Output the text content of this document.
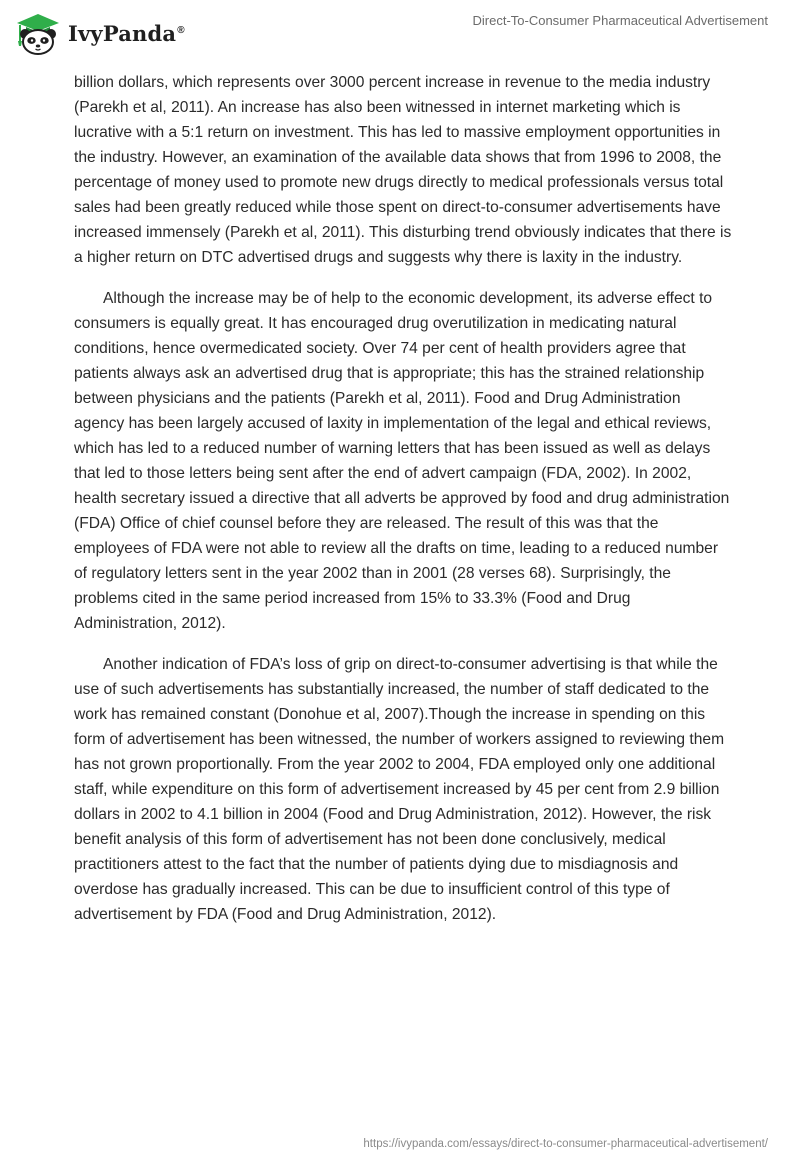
IvyPanda®
Direct-To-Consumer Pharmaceutical Advertisement

billion dollars, which represents over 3000 percent increase in revenue to the media industry (Parekh et al, 2011). An increase has also been witnessed in internet marketing which is lucrative with a 5:1 return on investment. This has led to massive employment opportunities in the industry. However, an examination of the available data shows that from 1996 to 2008, the percentage of money used to promote new drugs directly to medical professionals versus total sales had been greatly reduced while those spent on direct-to-consumer advertisements have increased immensely (Parekh et al, 2011). This disturbing trend obviously indicates that there is a higher return on DTC advertised drugs and suggests why there is laxity in the industry.

Although the increase may be of help to the economic development, its adverse effect to consumers is equally great. It has encouraged drug overutilization in medicating natural conditions, hence overmedicated society. Over 74 per cent of health providers agree that patients always ask an advertised drug that is appropriate; this has the strained relationship between physicians and the patients (Parekh et al, 2011). Food and Drug Administration agency has been largely accused of laxity in implementation of the legal and ethical reviews, which has led to a reduced number of warning letters that has been issued as well as delays that led to those letters being sent after the end of advert campaign (FDA, 2002). In 2002, health secretary issued a directive that all adverts be approved by food and drug administration (FDA) Office of chief counsel before they are released. The result of this was that the employees of FDA were not able to review all the drafts on time, leading to a reduced number of regulatory letters sent in the year 2002 than in 2001 (28 verses 68). Surprisingly, the problems cited in the same period increased from 15% to 33.3% (Food and Drug Administration, 2012).

Another indication of FDA’s loss of grip on direct-to-consumer advertising is that while the use of such advertisements has substantially increased, the number of staff dedicated to the work has remained constant (Donohue et al, 2007).Though the increase in spending on this form of advertisement has been witnessed, the number of workers assigned to reviewing them has not grown proportionally. From the year 2002 to 2004, FDA employed only one additional staff, while expenditure on this form of advertisement increased by 45 per cent from 2.9 billion dollars in 2002 to 4.1 billion in 2004 (Food and Drug Administration, 2012). However, the risk benefit analysis of this form of advertisement has not been done conclusively, medical practitioners attest to the fact that the number of patients dying due to misdiagnosis and overdose has gradually increased. This can be due to insufficient control of this type of advertisement by FDA (Food and Drug Administration, 2012).

https://ivypanda.com/essays/direct-to-consumer-pharmaceutical-advertisement/
